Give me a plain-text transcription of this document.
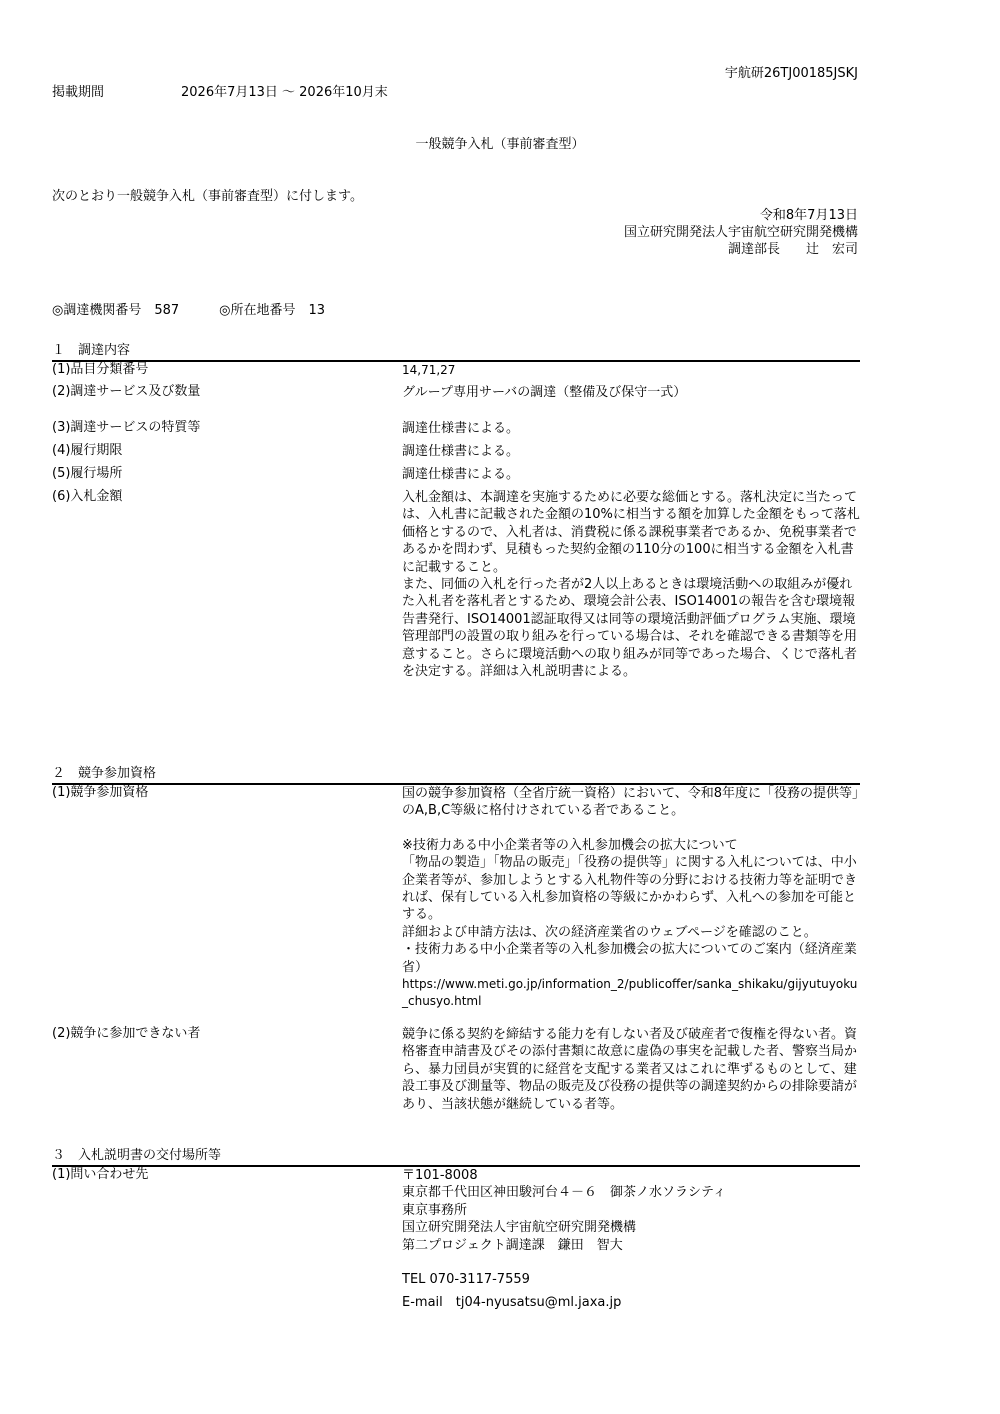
宇航研26TJ00185JSKJ
掲載期間	2026年7月13日 ～ 2026年10月末
一般競争入札（事前審査型）
次のとおり一般競争入札（事前審査型）に付します。
令和8年7月13日
国立研究開発法人宇宙航空研究開発機構
調達部長　　辻　宏司
◎調達機関番号　587	◎所在地番号　13
１　調達内容
(1)品目分類番号	14,71,27
(2)調達サービス及び数量	グループ専用サーバの調達（整備及び保守一式）
(3)調達サービスの特質等	調達仕様書による。
(4)履行期限	調達仕様書による。
(5)履行場所	調達仕様書による。
(6)入札金額	入札金額は、本調達を実施するために必要な総価とする。落札決定に当たっては、入札書に記載された金額の10%に相当する額を加算した金額をもって落札価格とするので、入札者は、消費税に係る課税事業者であるか、免税事業者であるかを問わず、見積もった契約金額の110分の100に相当する金額を入札書に記載すること。

また、同価の入札を行った者が2人以上あるときは環境活動への取組みが優れた入札者を落札者とするため、環境会計公表、ISO14001の報告を含む環境報告書発行、ISO14001認証取得又は同等の環境活動評価プログラム実施、環境管理部門の設置の取り組みを行っている場合は、それを確認できる書類等を用意すること。さらに環境活動への取り組みが同等であった場合、くじで落札者を決定する。詳細は入札説明書による。

２　競争参加資格
(1)競争参加資格	国の競争参加資格（全省庁統一資格）において、令和8年度に「役務の提供等」のA,B,C等級に格付けされている者であること。

※技術力ある中小企業者等の入札参加機会の拡大について

「物品の製造」「物品の販売」「役務の提供等」に関する入札については、中小企業者等が、参加しようとする入札物件等の分野における技術力等を証明できれば、保有している入札参加資格の等級にかかわらず、入札への参加を可能とする。

詳細および申請方法は、次の経済産業省のウェブページを確認のこと。

・技術力ある中小企業者等の入札参加機会の拡大についてのご案内（経済産業省）

https://www.meti.go.jp/information_2/publicoffer/sanka_shikaku/gijyutuyoku_chusyo.html

(2)競争に参加できない者	競争に係る契約を締結する能力を有しない者及び破産者で復権を得ない者。資格審査申請書及びその添付書類に故意に虚偽の事実を記載した者、警察当局から、暴力団員が実質的に経営を支配する業者又はこれに準ずるものとして、建設工事及び測量等、物品の販売及び役務の提供等の調達契約からの排除要請があり、当該状態が継続している者等。
３　入札説明書の交付場所等
(1)問い合わせ先	〒101-8008

東京都千代田区神田駿河台４－６　御茶ノ水ソラシティ

東京事務所

国立研究開発法人宇宙航空研究開発機構

第二プロジェクト調達課　鎌田　智大

TEL 070-3117-7559

E-mail　tj04-nyusatsu@ml.jaxa.jp
